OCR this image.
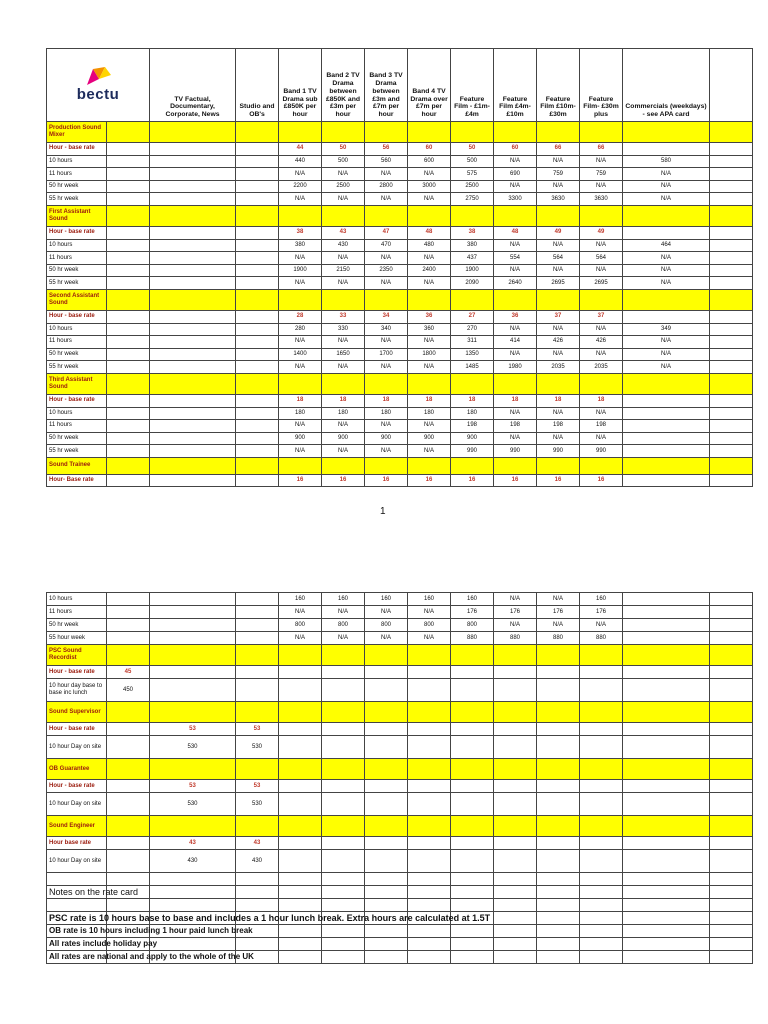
bectu		TV Factual, Documentary, Corporate, News	Studio and OB's	Band 1 TV Drama sub £850K per hour	Band 2 TV Drama between £850K and £3m per hour	Band 3 TV Drama between £3m and £7m per hour	Band 4 TV Drama over £7m per hour	Feature Film - £1m-£4m	Feature Film £4m-£10m	Feature Film £10m-£30m	Feature Film- £30m plus	Commercials (weekdays) - see APA card	
Production Sound Mixer													
Hour - base rate				44	50	56	60	50	60	66	66		
10 hours				440	500	560	600	500	N/A	N/A	N/A	580	
11 hours				N/A	N/A	N/A	N/A	575	690	759	759	N/A	
50 hr week				2200	2500	2800	3000	2500	N/A	N/A	N/A	N/A	
55 hr week				N/A	N/A	N/A	N/A	2750	3300	3630	3630	N/A	
First Assistant Sound													
Hour - base rate				38	43	47	48	38	48	49	49		
10 hours				380	430	470	480	380	N/A	N/A	N/A	464	
11 hours				N/A	N/A	N/A	N/A	437	554	564	564	N/A	
50 hr week				1900	2150	2350	2400	1900	N/A	N/A	N/A	N/A	
55 hr week				N/A	N/A	N/A	N/A	2090	2640	2695	2695	N/A	
Second Assistant Sound													
Hour - base rate				28	33	34	36	27	36	37	37		
10 hours				280	330	340	360	270	N/A	N/A	N/A	349	
11 hours				N/A	N/A	N/A	N/A	311	414	426	426	N/A	
50 hr week				1400	1650	1700	1800	1350	N/A	N/A	N/A	N/A	
55 hr week				N/A	N/A	N/A	N/A	1485	1980	2035	2035	N/A	
Third Assistant Sound													
Hour - base rate				18	18	18	18	18	18	18	18		
10 hours				180	180	180	180	180	N/A	N/A	N/A		
11 hours				N/A	N/A	N/A	N/A	198	198	198	198		
50 hr week				900	900	900	900	900	N/A	N/A	N/A		
55 hr week				N/A	N/A	N/A	N/A	990	990	990	990		
Sound Trainee													
Hour- Base rate				16	16	16	16	16	16	16	16		
1
10 hours				160	160	160	160	160	N/A	N/A	160		
11 hours				N/A	N/A	N/A	N/A	176	176	176	176		
50 hr week				800	800	800	800	800	N/A	N/A	N/A		
55 hour week				N/A	N/A	N/A	N/A	880	880	880	880		
PSC Sound Recordist													
Hour - base rate	45												
10 hour day base to base inc lunch	450												
Sound Supervisor													
Hour - base rate		53	53										
10 hour Day on site		530	530										
OB Guarantee													
Hour - base rate		53	53										
10 hour Day on site		530	530										
Sound Engineer													
Hour base rate		43	43										
10 hour Day on site		430	430										

Notes on the rate card													

PSC rate is 10 hours base to base and includes a 1 hour lunch break. Extra hours are calculated at 1.5T													
OB rate is 10 hours including 1 hour paid lunch break													
All rates include holiday pay													
All rates are national and apply to the whole of the UK													
